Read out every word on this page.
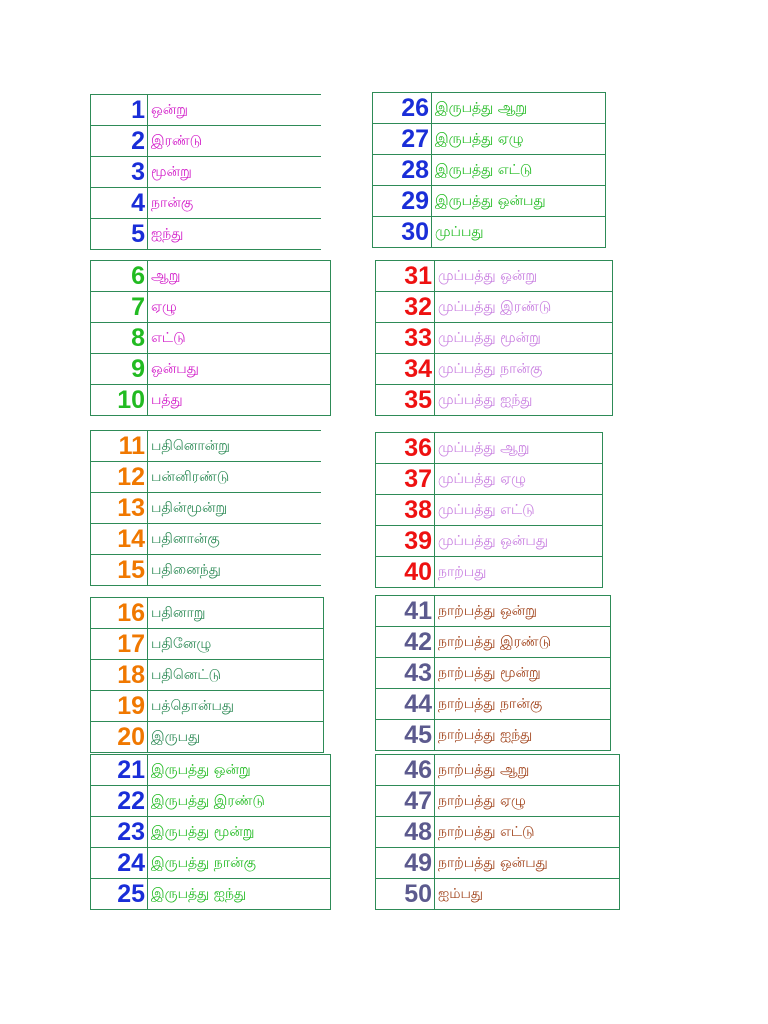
1	ஒன்று
2	இரண்டு
3	மூன்று
4	நான்கு
5	ஐந்து
6	ஆறு
7	ஏழு
8	எட்டு
9	ஒன்பது
10	பத்து
11	பதினொன்று
12	பன்னிரண்டு
13	பதின்மூன்று
14	பதினான்கு
15	பதினைந்து
16	பதினாறு
17	பதினேழு
18	பதினெட்டு
19	பத்தொன்பது
20	இருபது
21	இருபத்து ஒன்று
22	இருபத்து இரண்டு
23	இருபத்து மூன்று
24	இருபத்து நான்கு
25	இருபத்து ஐந்து
26	இருபத்து ஆறு
27	இருபத்து ஏழு
28	இருபத்து எட்டு
29	இருபத்து ஒன்பது
30	முப்பது
31	முப்பத்து ஒன்று
32	முப்பத்து இரண்டு
33	முப்பத்து மூன்று
34	முப்பத்து நான்கு
35	முப்பத்து ஐந்து
36	முப்பத்து ஆறு
37	முப்பத்து ஏழு
38	முப்பத்து எட்டு
39	முப்பத்து ஒன்பது
40	நாற்பது
41	நாற்பத்து ஒன்று
42	நாற்பத்து இரண்டு
43	நாற்பத்து மூன்று
44	நாற்பத்து நான்கு
45	நாற்பத்து ஐந்து
46	நாற்பத்து ஆறு
47	நாற்பத்து ஏழு
48	நாற்பத்து எட்டு
49	நாற்பத்து ஒன்பது
50	ஐம்பது
